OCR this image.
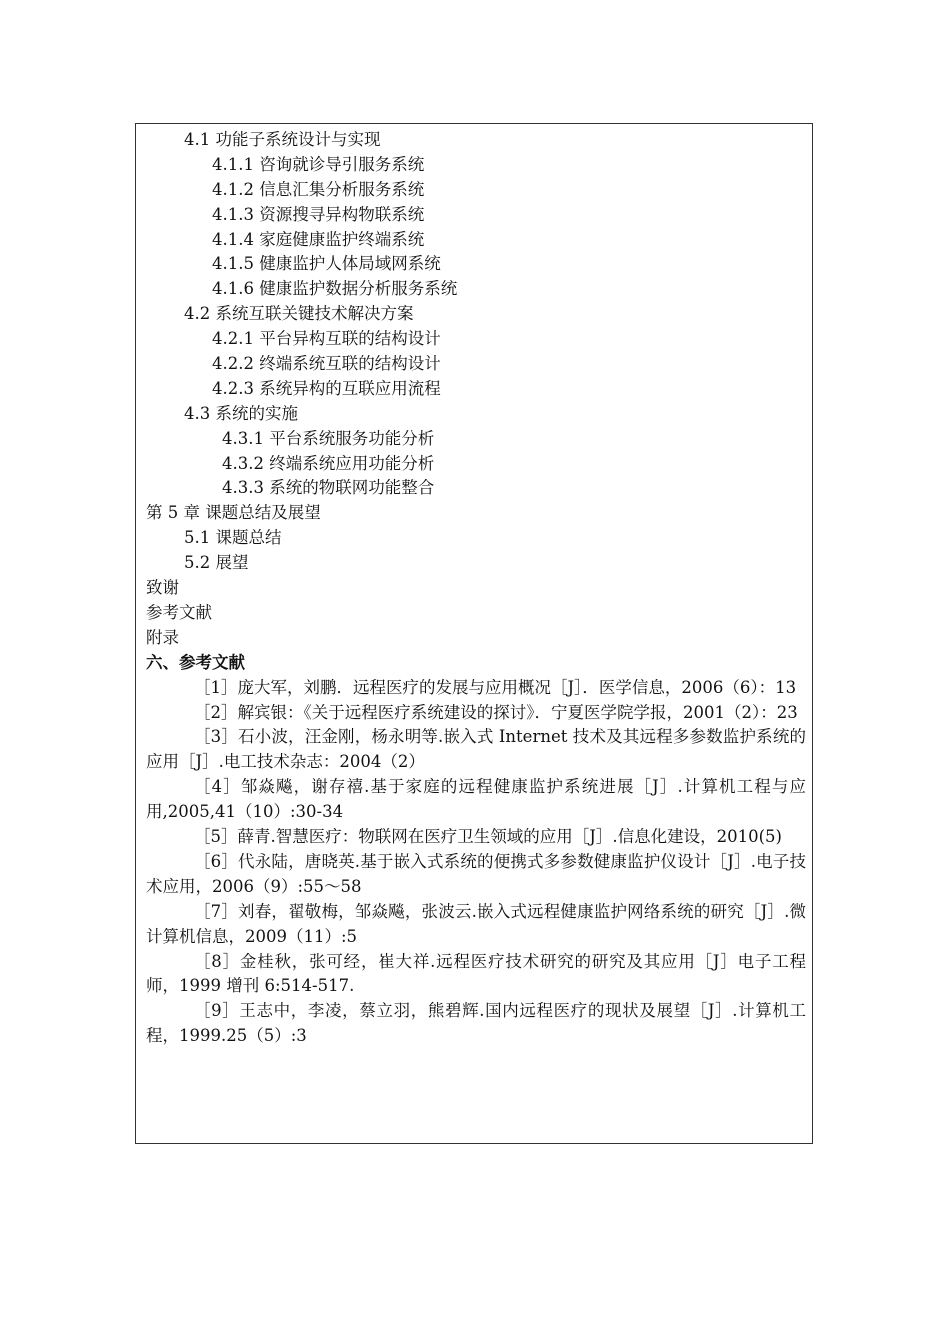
4.1 功能子系统设计与实现
4.1.1 咨询就诊导引服务系统
4.1.2 信息汇集分析服务系统
4.1.3 资源搜寻异构物联系统
4.1.4 家庭健康监护终端系统
4.1.5 健康监护人体局域网系统
4.1.6 健康监护数据分析服务系统
4.2 系统互联关键技术解决方案
4.2.1 平台异构互联的结构设计
4.2.2 终端系统互联的结构设计
4.2.3 系统异构的互联应用流程
4.3 系统的实施
4.3.1 平台系统服务功能分析
4.3.2 终端系统应用功能分析
4.3.3 系统的物联网功能整合
第 5 章 课题总结及展望
5.1 课题总结
5.2 展望
致谢
参考文献
附录
六、参考文献

［1］庞大军，刘鹏．远程医疗的发展与应用概况［J］．医学信息，2006（6）：13

［2］解宾银：《关于远程医疗系统建设的探讨》．宁夏医学院学报，2001（2）：23

［3］石小波，汪金刚，杨永明等.嵌入式 Internet 技术及其远程多参数监护系统的应用［J］.电工技术杂志：2004（2）

［4］邹焱飚，谢存禧.基于家庭的远程健康监护系统进展［J］.计算机工程与应用,2005,41（10）:30-34

［5］薛青.智慧医疗：物联网在医疗卫生领域的应用［J］.信息化建设，2010(5)

［6］代永陆，唐晓英.基于嵌入式系统的便携式多参数健康监护仪设计［J］.电子技术应用，2006（9）:55～58

［7］刘春，翟敬梅，邹焱飚，张波云.嵌入式远程健康监护网络系统的研究［J］.微计算机信息，2009（11）:5

［8］金桂秋，张可经，崔大祥.远程医疗技术研究的研究及其应用［J］电子工程师，1999 增刊 6:514-517.

［9］王志中，李凌，蔡立羽，熊碧辉.国内远程医疗的现状及展望［J］.计算机工程，1999.25（5）:3
